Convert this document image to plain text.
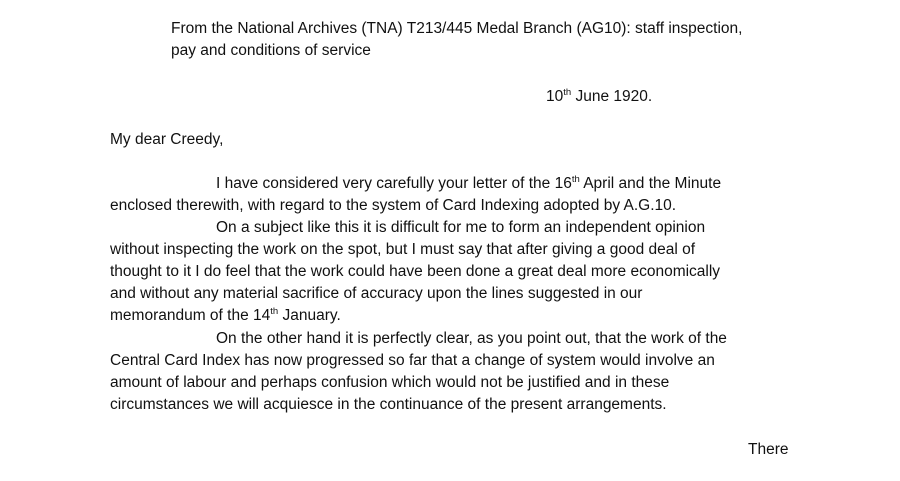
From the National Archives (TNA) T213/445 Medal Branch (AG10): staff inspection,
pay and conditions of service
10th June 1920.
My dear Creedy,
I have considered very carefully your letter of the 16th April and the Minute
enclosed therewith, with regard to the system of Card Indexing adopted by A.G.10.
On a subject like this it is difficult for me to form an independent opinion
without inspecting the work on the spot, but I must say that after giving a good deal of
thought to it I do feel that the work could have been done a great deal more economically
and without any material sacrifice of accuracy upon the lines suggested in our
memorandum of the 14th January.
On the other hand it is perfectly clear, as you point out, that the work of the
Central Card Index has now progressed so far that a change of system would involve an
amount of labour and perhaps confusion which would not be justified and in these
circumstances we will acquiesce in the continuance of the present arrangements.
There
